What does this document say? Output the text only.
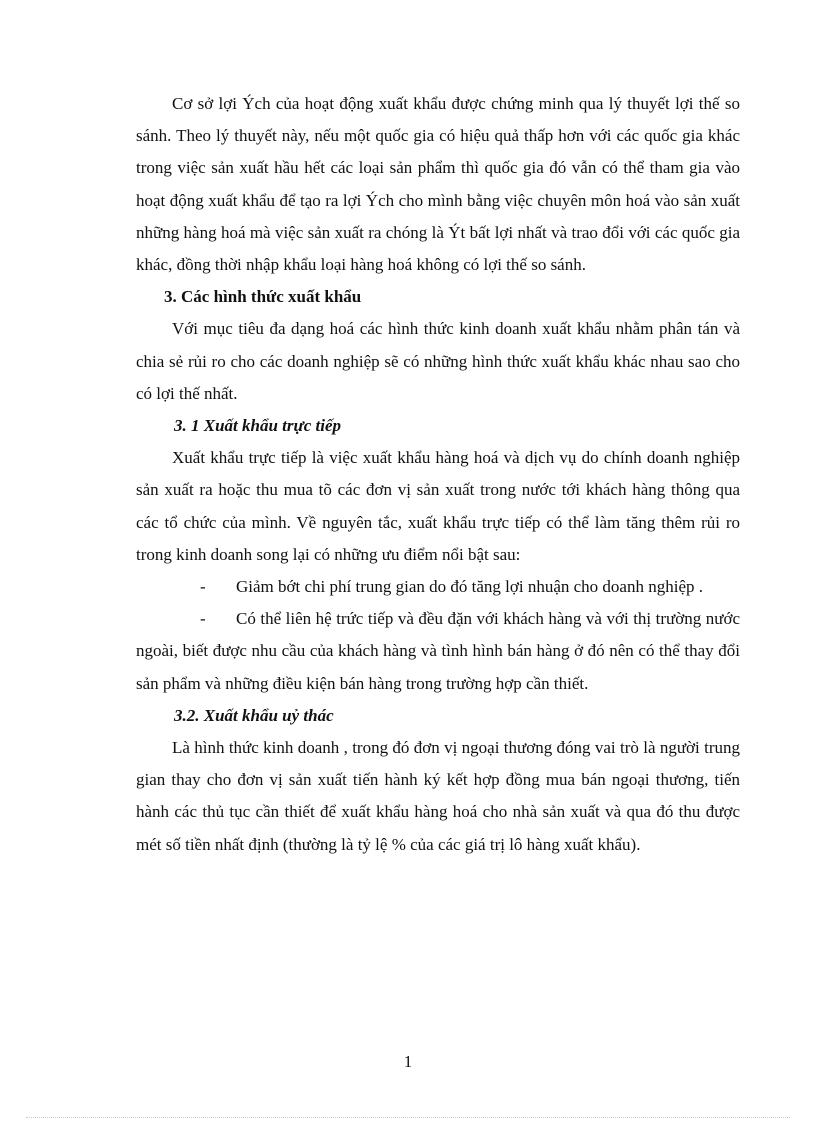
Cơ sở lợi Ých của hoạt động xuất khẩu được chứng minh qua lý thuyết lợi thế so sánh. Theo lý thuyết này, nếu một quốc gia có hiệu quả thấp hơn với các quốc gia khác trong việc sản xuất hầu hết các loại sản phẩm thì quốc gia đó vẫn có thể tham gia vào hoạt động xuất khẩu để tạo ra lợi Ých cho mình bằng việc chuyên môn hoá vào sản xuất những hàng hoá mà việc sản xuất ra chóng là Ýt bất lợi nhất và trao đổi với các quốc gia khác, đồng thời nhập khẩu loại hàng hoá không có lợi thế so sánh.

3. Các hình thức xuất khẩu

Với mục tiêu đa dạng hoá các hình thức kinh doanh xuất khẩu nhằm phân tán và chia sẻ rủi ro cho các doanh nghiệp sẽ có những hình thức xuất khẩu khác nhau sao cho có lợi thế nhất.

3. 1 Xuất khẩu trực tiếp

Xuất khẩu trực tiếp là việc xuất khẩu hàng hoá và dịch vụ do chính doanh nghiệp sản xuất ra hoặc thu mua tõ các đơn vị sản xuất trong nước tới khách hàng thông qua các tổ chức của mình. Về nguyên tắc, xuất khẩu trực tiếp có thể làm tăng thêm rủi ro trong kinh doanh song lại có những ưu điểm nổi bật sau:

-	Giảm bớt chi phí trung gian do đó tăng lợi nhuận cho doanh nghiệp .

-	Có thể liên hệ trức tiếp và đều đặn với khách hàng và với thị trường nước ngoài, biết được nhu cầu của khách hàng và tình hình bán hàng ở đó nên có thể thay đổi sản phẩm và những điều kiện bán hàng trong trường hợp cần thiết.

3.2. Xuất khẩu uỷ thác

Là hình thức kinh doanh , trong đó đơn vị ngoại thương đóng vai trò là người trung gian thay cho đơn vị sản xuất tiến hành ký kết hợp đồng mua bán ngoại thương, tiến hành các thủ tục cần thiết để xuất khẩu hàng hoá cho nhà sản xuất và qua đó thu được mét số tiền nhất định (thường là tỷ lệ % của các giá trị lô hàng xuất khẩu).

1
